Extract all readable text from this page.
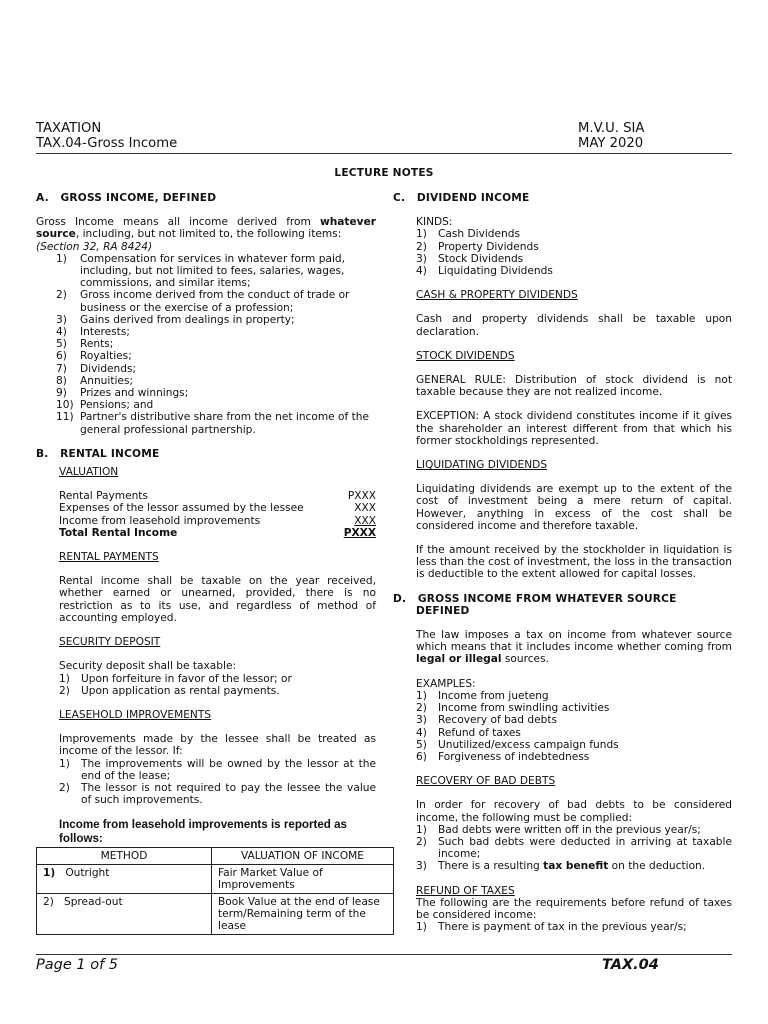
TAXATION
TAX.04-Gross Income
M.V.U. SIA
MAY 2020
LECTURE NOTES
A.   GROSS INCOME, DEFINED

Gross Income means all income derived from whatever source, including, but not limited to, the following items:

(Section 32, RA 8424)

1)	Compensation for services in whatever form paid, including, but not limited to fees, salaries, wages, commissions, and similar items;
2)	Gross income derived from the conduct of trade or business or the exercise of a profession;
3)	Gains derived from dealings in property;
4)	Interests;
5)	Rents;
6)	Royalties;
7)	Dividends;
8)	Annuities;
9)	Prizes and winnings;
10) Pensions; and
11) Partner's distributive share from the net income of the general professional partnership.
B.   RENTAL INCOME
VALUATION
Rental Payments	PXXX
Expenses of the lessor assumed by the lessee	XXX
Income from leasehold improvements	XXX
Total Rental Income	PXXX
RENTAL PAYMENTS

Rental income shall be taxable on the year received, whether earned or unearned, provided, there is no restriction as to its use, and regardless of method of accounting employed.

SECURITY DEPOSIT

Security deposit shall be taxable:

1)	Upon forfeiture in favor of the lessor; or
2)	Upon application as rental payments.
LEASEHOLD IMPROVEMENTS

Improvements made by the lessee shall be treated as income of the lessor. If:

1)	The improvements will be owned by the lessor at the end of the lease;
2)	The lessor is not required to pay the lessee the value of such improvements.

Income from leasehold improvements is reported as follows:

METHOD	VALUATION OF INCOME
1) Outright	Fair Market Value of Improvements
2) Spread-out	Book Value at the end of lease term/Remaining term of the lease
C.   DIVIDEND INCOME
KINDS:
1)	Cash Dividends
2)	Property Dividends
3)	Stock Dividends
4)	Liquidating Dividends
CASH & PROPERTY DIVIDENDS

Cash and property dividends shall be taxable upon declaration.

STOCK DIVIDENDS

GENERAL RULE: Distribution of stock dividend is not taxable because they are not realized income.

EXCEPTION: A stock dividend constitutes income if it gives the shareholder an interest different from that which his former stockholdings represented.

LIQUIDATING DIVIDENDS

Liquidating dividends are exempt up to the extent of the cost of investment being a mere return of capital. However, anything in excess of the cost shall be considered income and therefore taxable.

If the amount received by the stockholder in liquidation is less than the cost of investment, the loss in the transaction is deductible to the extent allowed for capital losses.

D.   GROSS INCOME FROM WHATEVER SOURCE
DEFINED

The law imposes a tax on income from whatever source which means that it includes income whether coming from legal or illegal sources.

EXAMPLES:
1)	Income from jueteng
2)	Income from swindling activities
3)	Recovery of bad debts
4)	Refund of taxes
5)	Unutilized/excess campaign funds
6)	Forgiveness of indebtedness
RECOVERY OF BAD DEBTS

In order for recovery of bad debts to be considered income, the following must be complied:

1)	Bad debts were written off in the previous year/s;
2)	Such bad debts were deducted in arriving at taxable income;
3)	There is a resulting tax benefit on the deduction.
REFUND OF TAXES

The following are the requirements before refund of taxes be considered income:

1)	There is payment of tax in the previous year/s;
Page 1 of 5	TAX.04
